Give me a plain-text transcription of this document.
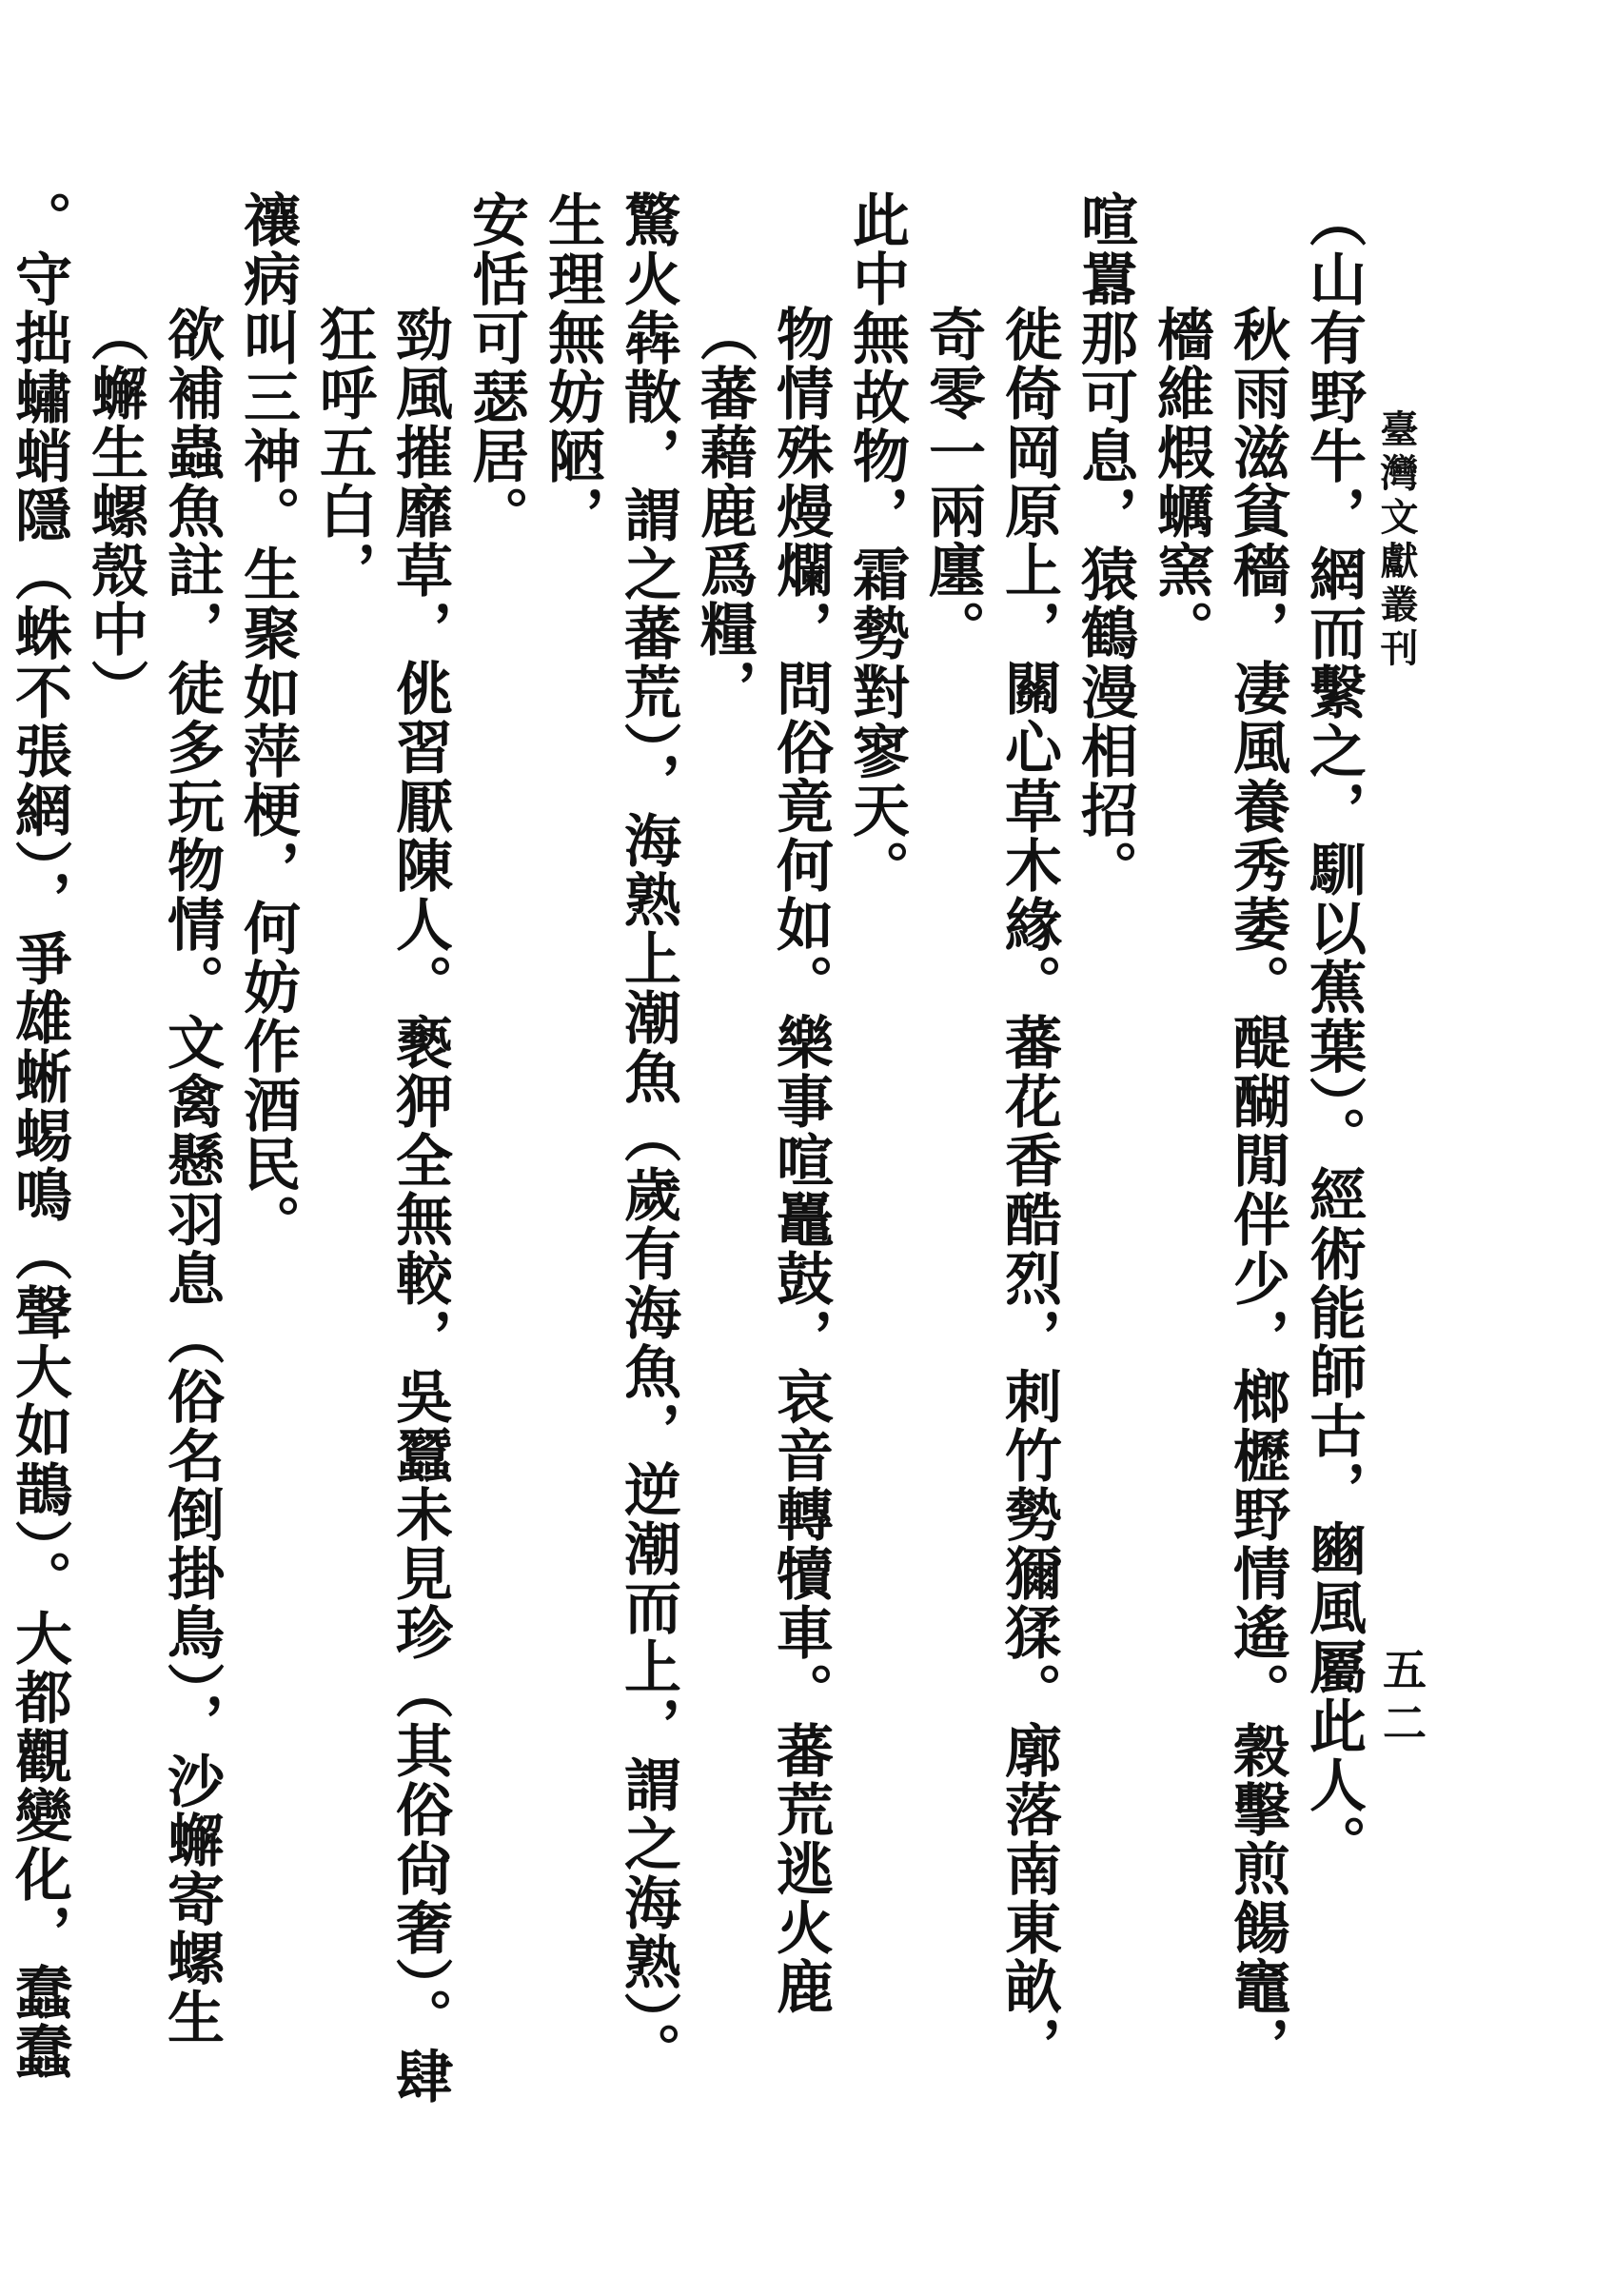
臺灣文獻叢刊
五二
（山有野牛，網而繫之，馴以蕉葉）。經術能師古，豳風屬此人。
秋雨滋貧穡，凄風養秀萎。醍醐閒伴少，榔櫪野情遙。穀擊煎餳竈，檣維煆蠣窯。
喧囂那可息，猿鶴漫相招。
徙倚岡原上，關心草木緣。蕃花香酷烈，刺竹勢獮猱。廓落南東畝，奇零一兩廛。
此中無故物，霜勢對寥天。
物情殊熳爛，問俗竟何如。樂事喧鼉鼓，哀音轉犢車。蕃荒逃火鹿（蕃藉鹿爲糧，
驚火犇散，謂之蕃荒），海熟上潮魚（歲有海魚，逆潮而上，謂之海熟）。生理無妨陋，
安恬可瑟居。
勁風摧靡草，佻習厭陳人。褻狎全無較，吳蠶未見珍（其俗尙奢）。肆狂呼五白，
禳病叫三神。生聚如萍梗，何妨作酒民。
欲補蟲魚註，徒多玩物情。文禽懸羽息（俗名倒掛鳥），沙蠏寄螺生（蠏生螺殼中）
。守拙蟰蛸隱（蛛不張網），爭雄蜥蜴鳴（聲大如鵲）。大都觀變化，蠢蠢
